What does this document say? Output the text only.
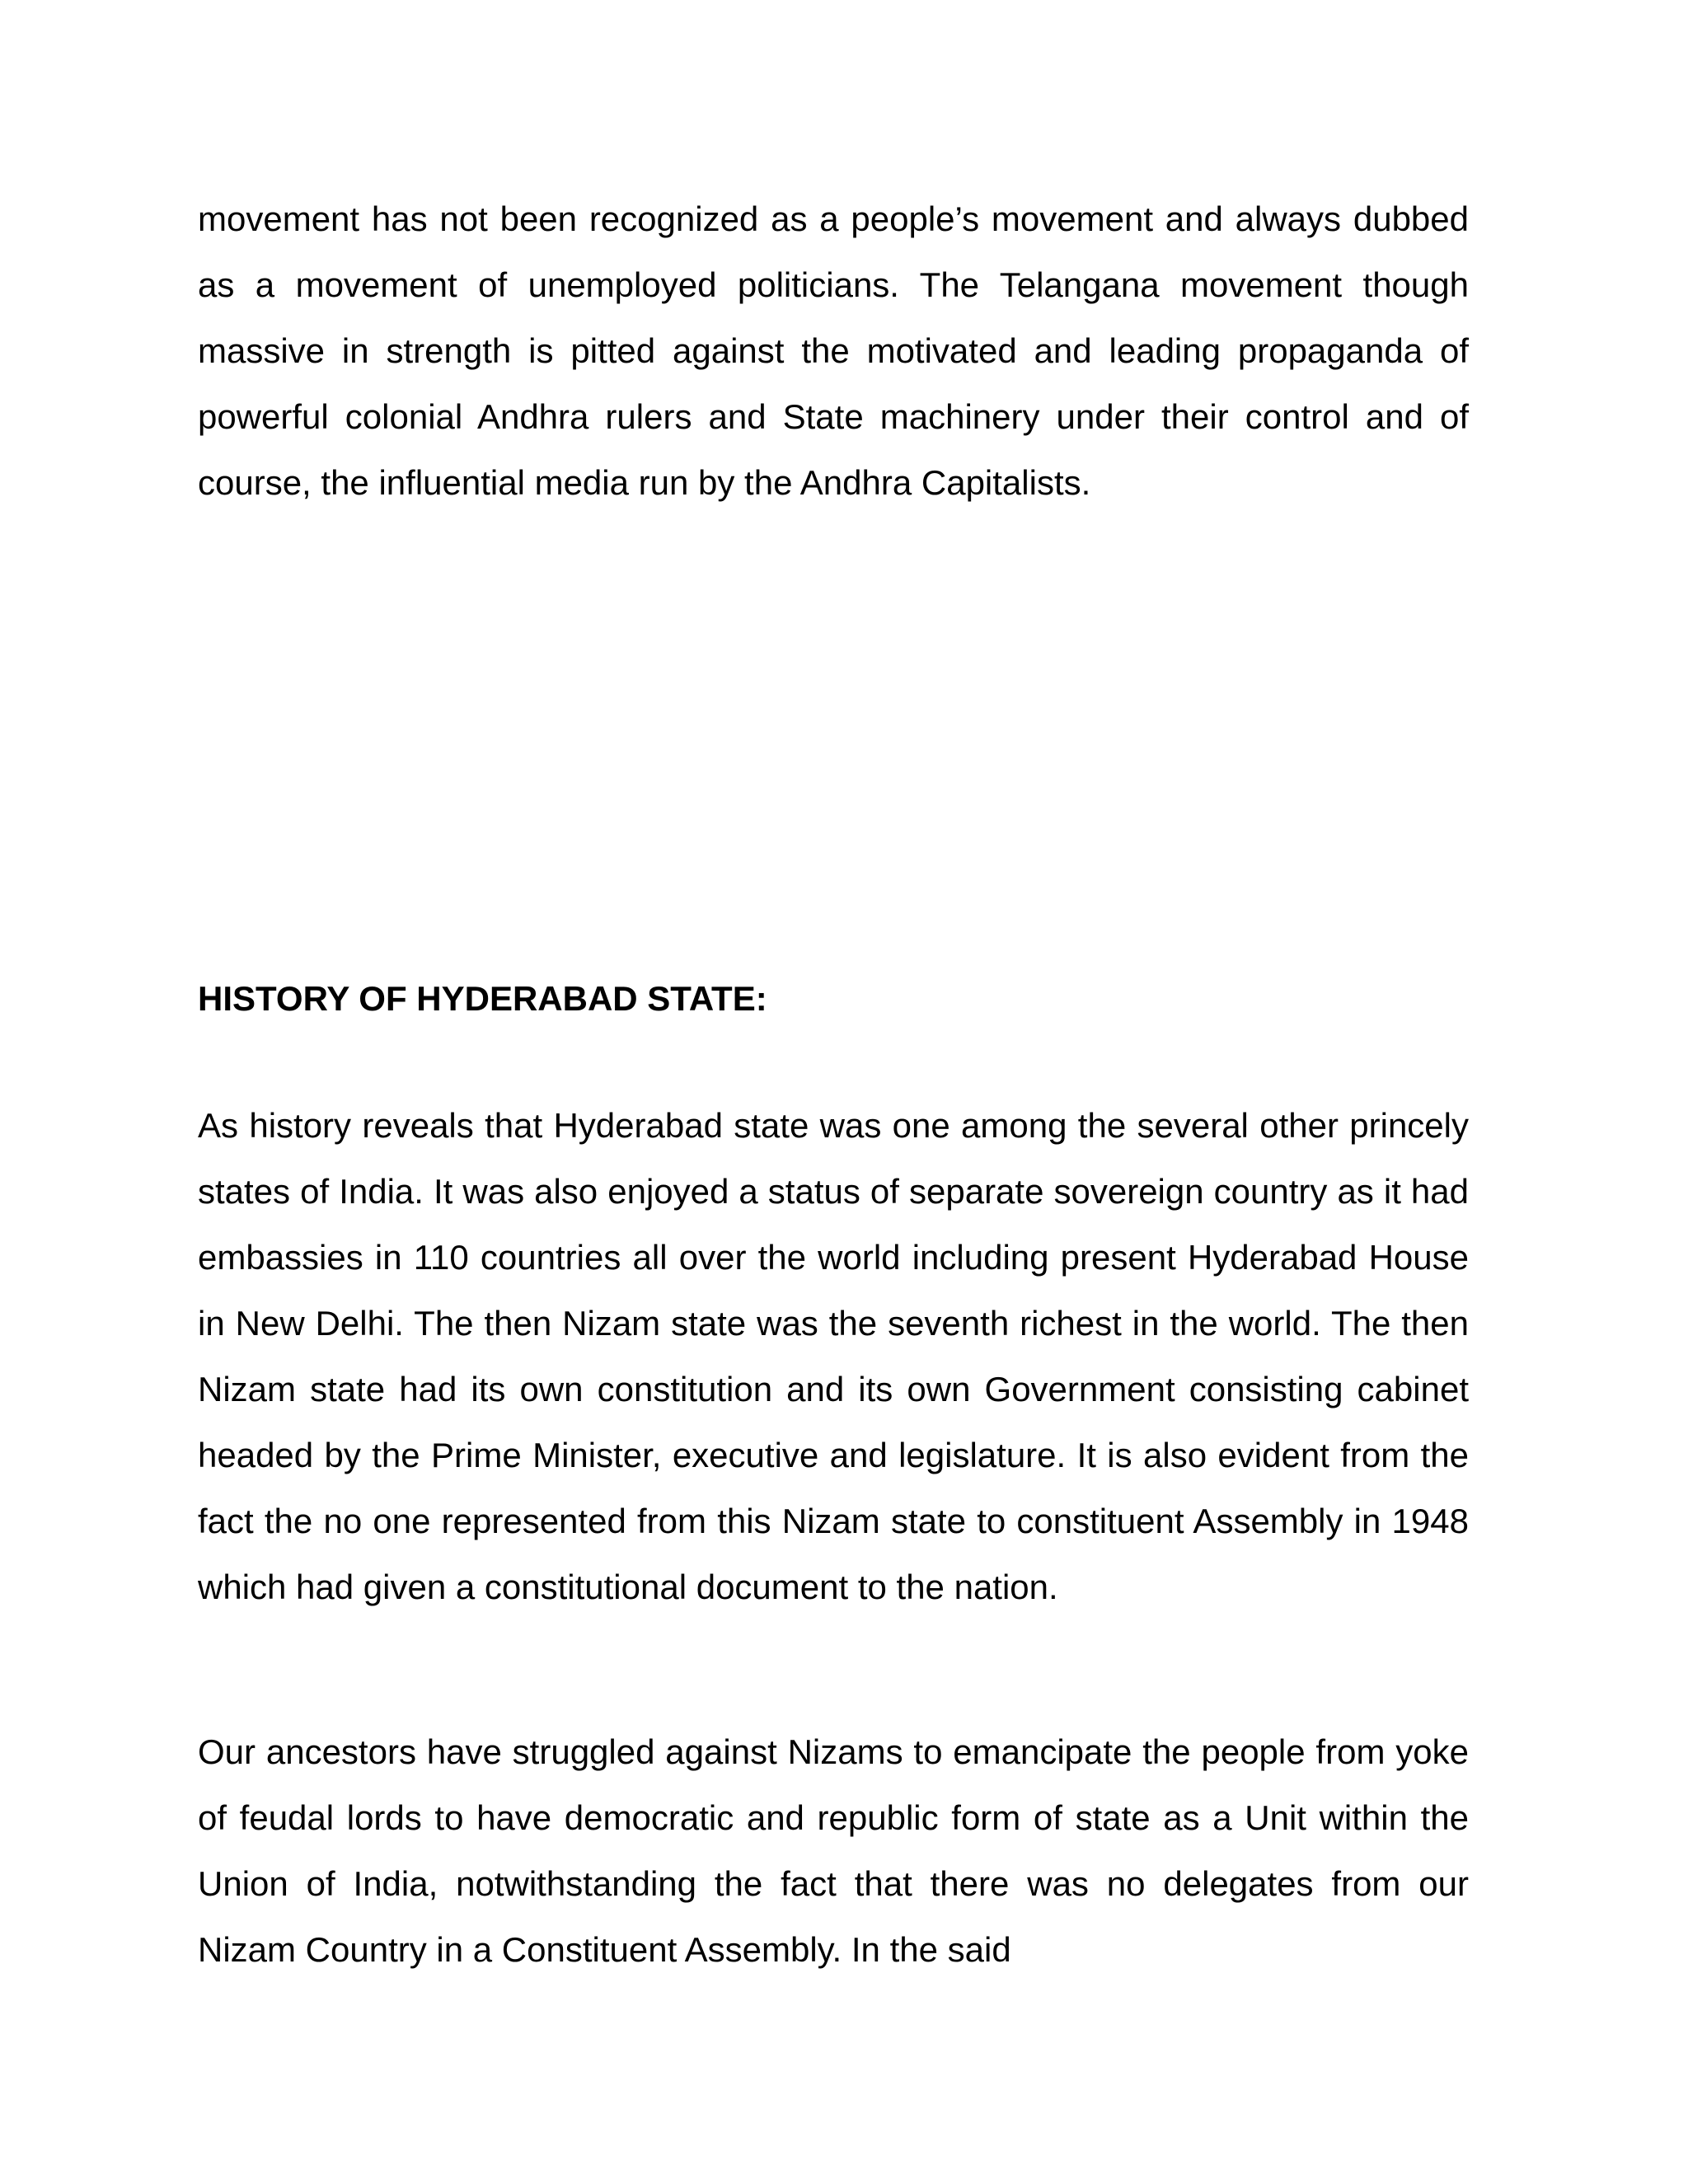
movement has not been recognized as a people’s movement and always dubbed as a movement of unemployed politicians. The Telangana movement though massive in strength is pitted against the motivated and leading propaganda of powerful colonial Andhra rulers and State machinery under their control and of course, the influential media run by the Andhra Capitalists.

HISTORY OF HYDERABAD STATE:

As history reveals that Hyderabad state was one among the several other princely states of India. It was also enjoyed a status of separate sovereign country as it had embassies in 110 countries all over the world including present Hyderabad House in New Delhi. The then Nizam state was the seventh richest in the world. The then Nizam state had its own constitution and its own Government consisting cabinet headed by the Prime Minister, executive and legislature. It is also evident from the fact the no one represented from this Nizam state to constituent Assembly in 1948 which had given a constitutional document to the nation.

Our ancestors have struggled against Nizams to emancipate the people from yoke of feudal lords to have democratic and republic form of state as a Unit within the Union of India, notwithstanding the fact that there was no delegates from our Nizam Country in a Constituent Assembly. In the said
